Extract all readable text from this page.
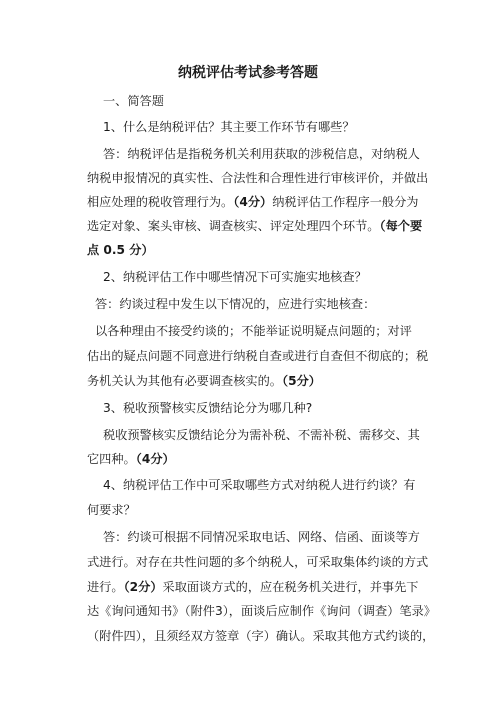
纳税评估考试参考答题
一、简答题
1、什么是纳税评估？其主要工作环节有哪些？
答：纳税评估是指税务机关利用获取的涉税信息，对纳税人
纳税申报情况的真实性、合法性和合理性进行审核评价，并做出
相应处理的税收管理行为。（4分）纳税评估工作程序一般分为
选定对象、案头审核、调查核实、评定处理四个环节。（每个要
点 0.5 分）
2、纳税评估工作中哪些情况下可实施实地核查？
答：约谈过程中发生以下情况的，应进行实地核查：
以各种理由不接受约谈的；不能举证说明疑点问题的；对评
估出的疑点问题不同意进行纳税自查或进行自查但不彻底的；税
务机关认为其他有必要调查核实的。（5分）
3、税收预警核实反馈结论分为哪几种?
税收预警核实反馈结论分为需补税、不需补税、需移交、其
它四种。（4分）
4、纳税评估工作中可采取哪些方式对纳税人进行约谈？有
何要求？
答：约谈可根据不同情况采取电话、网络、信函、面谈等方
式进行。对存在共性问题的多个纳税人，可采取集体约谈的方式
进行。（2分）采取面谈方式的，应在税务机关进行，并事先下
达《询问通知书》（附件3），面谈后应制作《询问（调查）笔录》
（附件四），且须经双方签章（字）确认。采取其他方式约谈的，
